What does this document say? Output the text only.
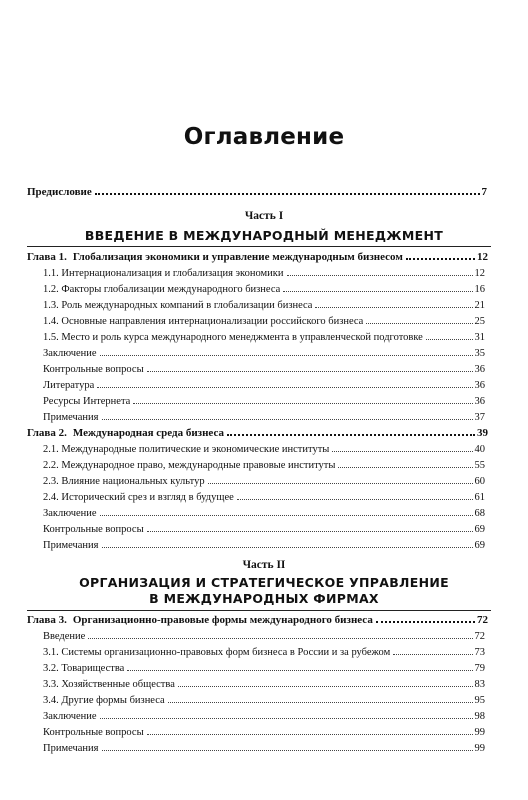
Оглавление
Предисловие	7
Часть I
ВВЕДЕНИЕ В МЕЖДУНАРОДНЫЙ МЕНЕДЖМЕНТ
Глава 1. Глобализация экономики и управление международным бизнесом	12
1.1. Интернационализация и глобализация экономики	12
1.2. Факторы глобализации международного бизнеса	16
1.3. Роль международных компаний в глобализации бизнеса	21
1.4. Основные направления интернационализации российского бизнеса	25
1.5. Место и роль курса международного менеджмента в управленческой подготовке	31
Заключение	35
Контрольные вопросы	36
Литература	36
Ресурсы Интернета	36
Примечания	37
Глава 2. Международная среда бизнеса	39
2.1. Международные политические и экономические институты	40
2.2. Международное право, международные правовые институты	55
2.3. Влияние национальных культур	60
2.4. Исторический срез и взгляд в будущее	61
Заключение	68
Контрольные вопросы	69
Примечания	69
Часть II
ОРГАНИЗАЦИЯ И СТРАТЕГИЧЕСКОЕ УПРАВЛЕНИЕ
В МЕЖДУНАРОДНЫХ ФИРМАХ
Глава 3. Организационно-правовые формы международного бизнеса	72
Введение	72
3.1. Системы организационно-правовых форм бизнеса в России и за рубежом	73
3.2. Товарищества	79
3.3. Хозяйственные общества	83
3.4. Другие формы бизнеса	95
Заключение	98
Контрольные вопросы	99
Примечания	99
